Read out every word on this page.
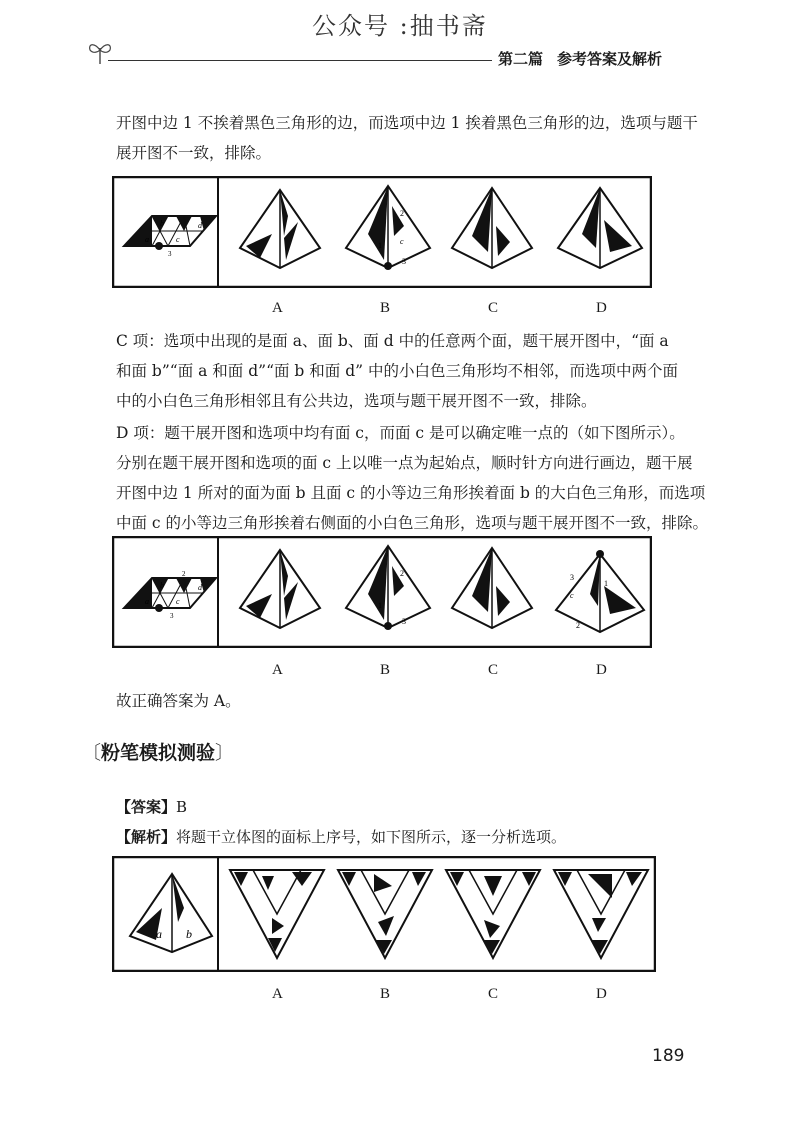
公众号 :抽书斋
第二篇 参考答案及解析
开图中边 1 不挨着黑色三角形的边，而选项中边 1 挨着黑色三角形的边，选项与题干
展开图不一致，排除。
b
a	c
d
3
2
1 c
3
A	B	C	D
C 项：选项中出现的是面 a、面 b、面 d 中的任意两个面，题干展开图中，“面 a
和面 b”“面 a 和面 d”“面 b 和面 d” 中的小白色三角形均不相邻，而选项中两个面
中的小白色三角形相邻且有公共边，选项与题干展开图不一致，排除。
D 项：题干展开图和选项中均有面 c，而面 c 是可以确定唯一点的（如下图所示）。
分别在题干展开图和选项的面 c 上以唯一点为起始点，顺时针方向进行画边，题干展
开图中边 1 所对的面为面 b 且面 c 的小等边三角形挨着面 b 的大白色三角形，而选项
中面 c 的小等边三角形挨着右侧面的小白色三角形，选项与题干展开图不一致，排除。
b
a	c
d
2
3
2
1
3
3
1
c
2
A	B	C	D
故正确答案为 A。
〔粉笔模拟测验〕
【答案】B
【解析】将题干立体图的面标上序号，如下图所示，逐一分析选项。
a b
A	B	C	D
189
